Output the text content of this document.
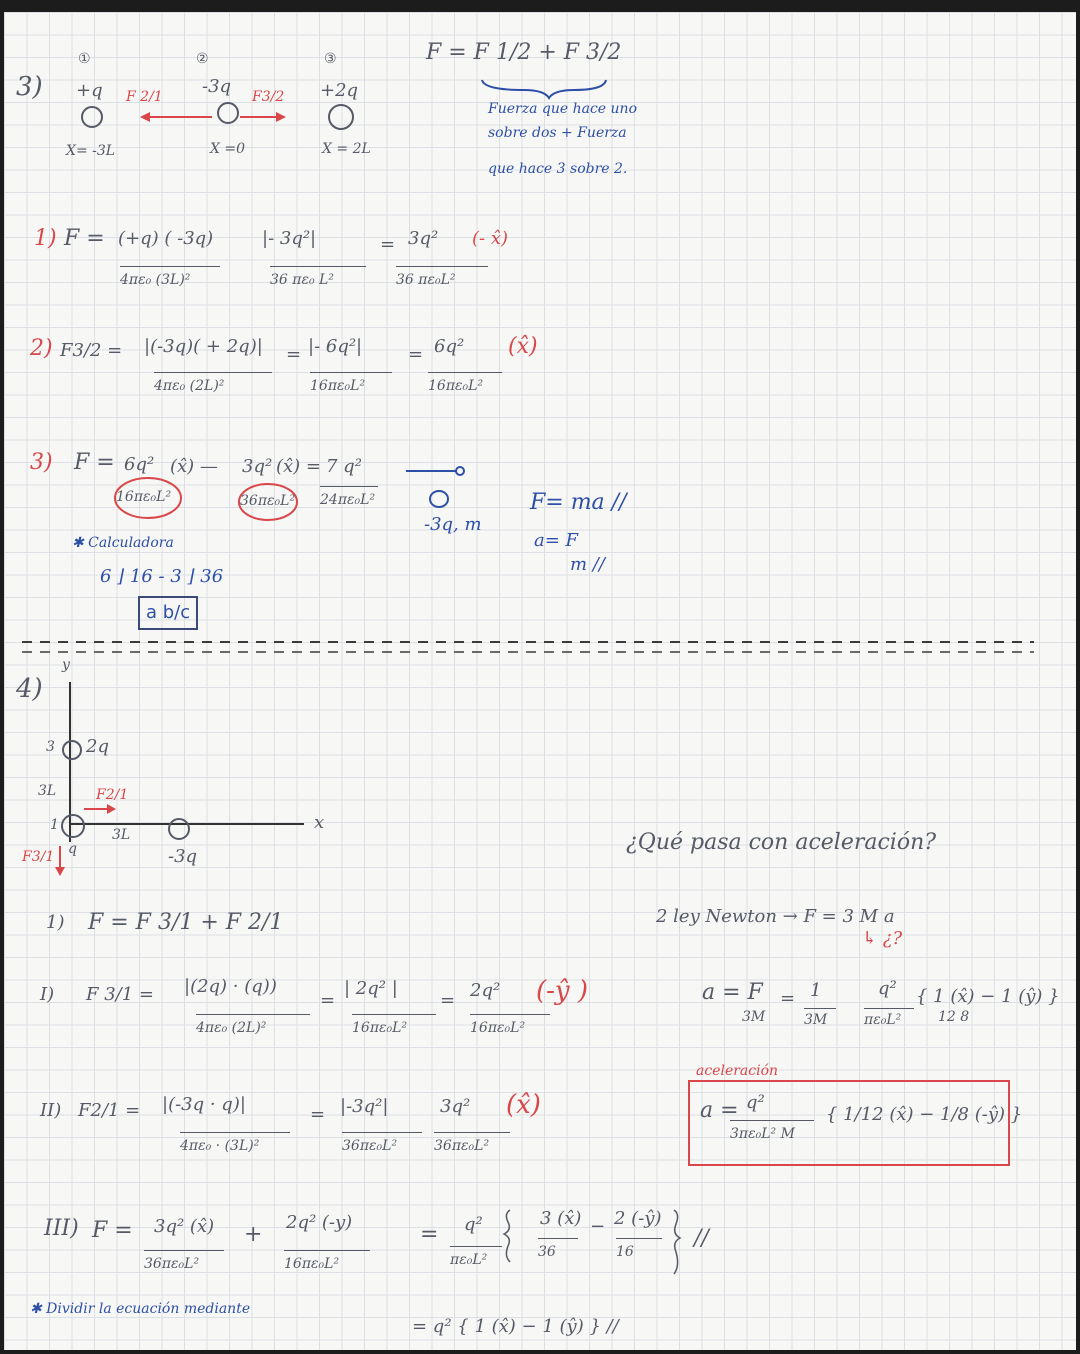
3)
①
+q
X= -3L
②
-3q
X =0
③
+2q
X = 2L
F 2/1	F3/2
F = F 1/2 + F 3/2
Fuerza que hace uno
sobre dos + Fuerza
que hace 3 sobre 2.
1) F = (+q) ( -3q)
4πε₀ (3L)²
|- 3q²|
36 πε₀ L²
= 3q²
36 πε₀L²
(- x̂)
2) F3/2 = |(-3q)( + 2q)|
4πε₀ (2L)²
= |- 6q²|
16πε₀L²
= 6q²
16πε₀L²
(x̂)
3) F = 6q²
16πε₀L²
(x̂) — 3q²
36πε₀L²
(x̂) = 7 q²
24πε₀L²
✱ Calculadora
6 ⌋ 16 - 3 ⌋ 36
a b/c
-3q, m
F= ma //
a= F
m //
4)
y
x
3 2q
3L
3L
1
q	-3q
F2/1
F3/1
1) F = F 3/1 + F 2/1
I) F 3/1 = |(2q) · (q))
4πε₀ (2L)²
=
| 2q² |
16πε₀L²
= 2q²
16πε₀L²
(-ŷ )
II) F2/1 = |(-3q · q)|
4πε₀ · (3L)²
= |-3q²|
36πε₀L²
3q²
36πε₀L²
(x̂)
III) F = 3q² (x̂)
36πε₀L²
+ 2q² (-y)
16πε₀L²
= q²
πε₀L²
3 (x̂)
36
− 2 (-ŷ)
16
//
✱ Dividir la ecuación mediante
= q² { 1 (x̂) − 1 (ŷ) } //
¿Qué pasa con aceleración?
2 ley Newton → F = 3 M a
↳ ¿?
a = F
3M
= 1
3M
q²
πε₀L²
{ 1 (x̂) − 1 (ŷ) }
12 8
aceleración
a = q²
3πε₀L² M
{ 1/12 (x̂) − 1/8 (-ŷ) }
